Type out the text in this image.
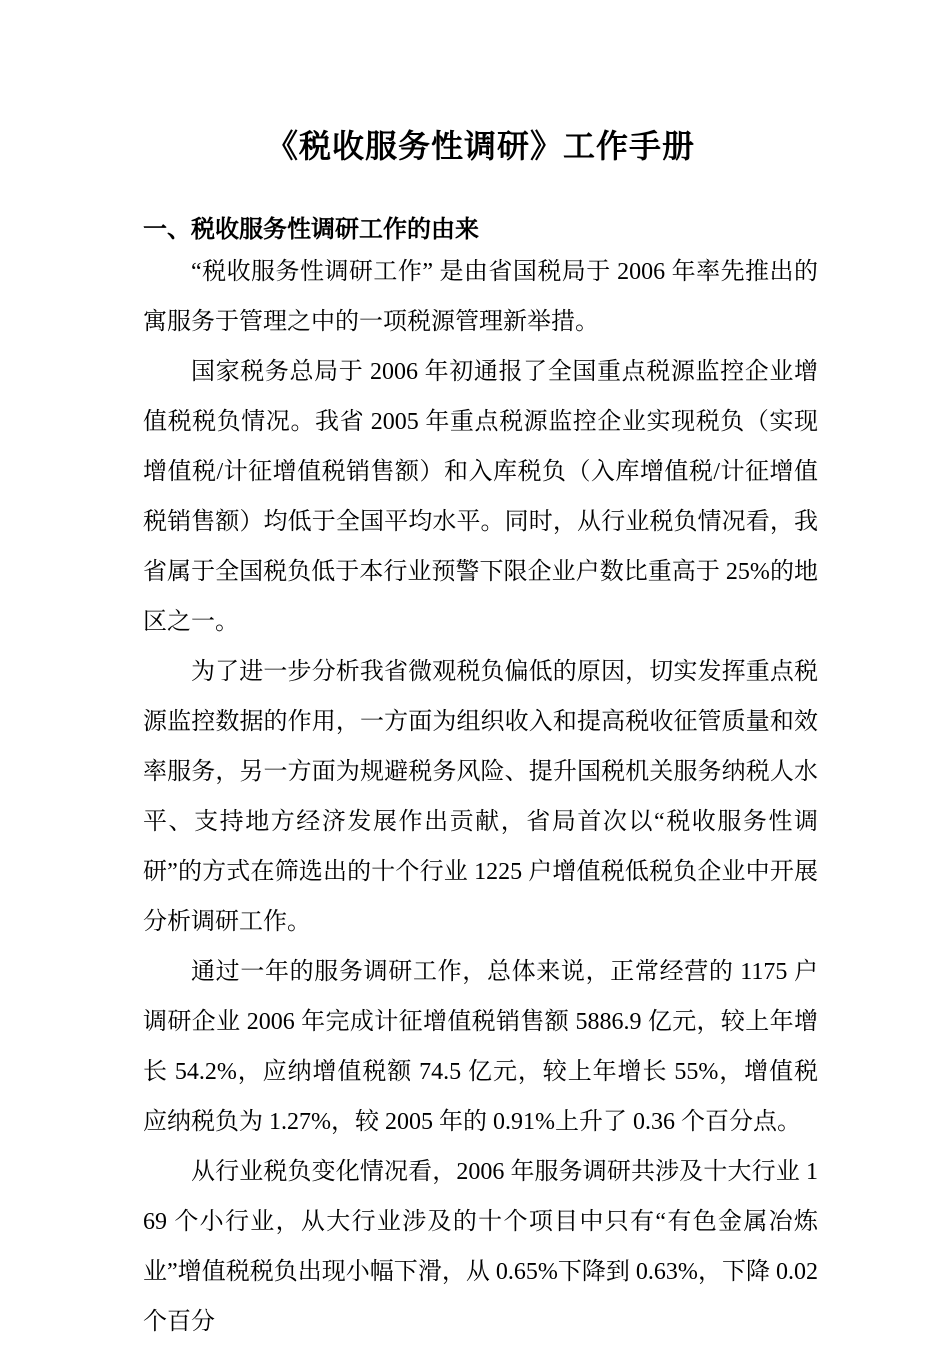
《税收服务性调研》工作手册
一、税收服务性调研工作的由来

“税收服务性调研工作” 是由省国税局于 2006 年率先推出的寓服务于管理之中的一项税源管理新举措。

国家税务总局于 2006 年初通报了全国重点税源监控企业增值税税负情况。我省 2005 年重点税源监控企业实现税负（实现增值税/计征增值税销售额）和入库税负（入库增值税/计征增值税销售额）均低于全国平均水平。同时，从行业税负情况看，我省属于全国税负低于本行业预警下限企业户数比重高于 25%的地区之一。

为了进一步分析我省微观税负偏低的原因，切实发挥重点税源监控数据的作用，一方面为组织收入和提高税收征管质量和效率服务，另一方面为规避税务风险、提升国税机关服务纳税人水平、支持地方经济发展作出贡献，省局首次以“税收服务性调研”的方式在筛选出的十个行业 1225 户增值税低税负企业中开展分析调研工作。

通过一年的服务调研工作，总体来说，正常经营的 1175 户调研企业 2006 年完成计征增值税销售额 5886.9 亿元，较上年增长 54.2%，应纳增值税额 74.5 亿元，较上年增长 55%，增值税应纳税负为 1.27%，较 2005 年的 0.91%上升了 0.36 个百分点。

从行业税负变化情况看，2006 年服务调研共涉及十大行业 169 个小行业，从大行业涉及的十个项目中只有“有色金属冶炼业”增值税税负出现小幅下滑，从 0.65%下降到 0.63%，下降 0.02 个百分
